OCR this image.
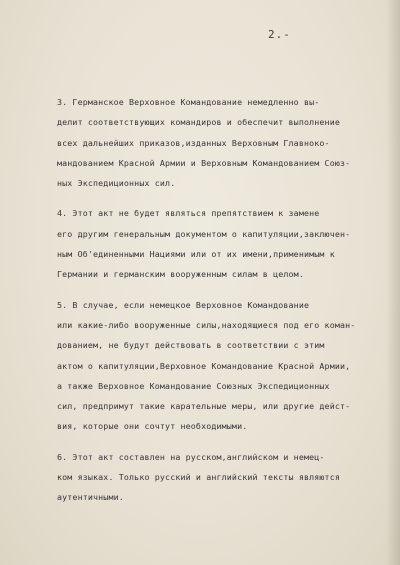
2.-
3. Германское Верховное Командование немедленно вы-
делит соответствующих командиров и обеспечит выполнение
всех дальнейших приказов,изданных Верховным Главноко-
мандованием Красной Армии и Верховным Командованием Союз-
ных Экспедиционных сил.
4. Этот акт не будет являться препятствием к замене
его другим генеральным документом о капитуляции,заключен-
ным Об'единенными Нациями или от их имени,применимым к
Германии и германским вооруженным силам в целом.
5. В случае, если немецкое Верховное Командование
или какие-либо вооруженные силы,находящиеся под его коман-
дованием, не будут действовать в соответствии с этим
актом о капитуляции,Верховное Командование Красной Армии,
а также Верховное Командование Союзных Экспедиционных
сил, предпримут такие карательные меры, или другие дейст-
вия, которые они сочтут необходимыми.
6. Этот акт составлен на русском,английском и немец-
ком языках. Только русский и английский тексты являются
аутентичными.
